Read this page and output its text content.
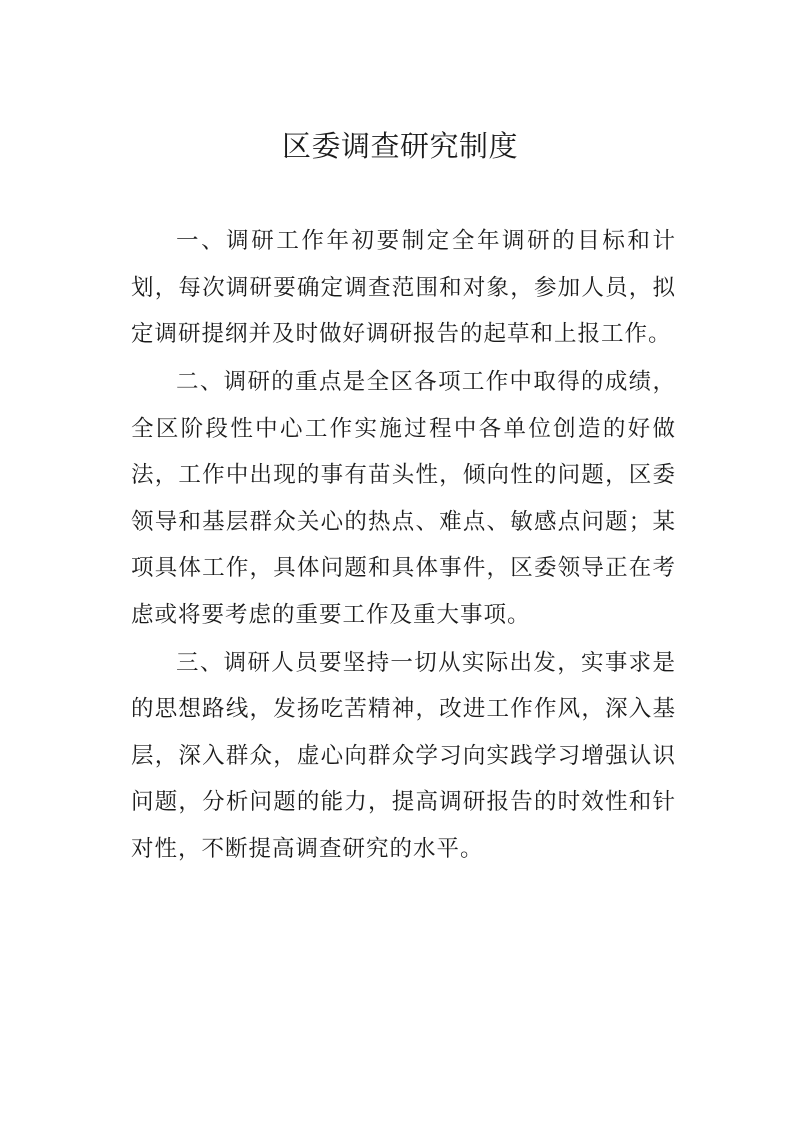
区委调查研究制度

一、调研工作年初要制定全年调研的目标和计划，每次调研要确定调查范围和对象，参加人员，拟定调研提纲并及时做好调研报告的起草和上报工作。

二、调研的重点是全区各项工作中取得的成绩，全区阶段性中心工作实施过程中各单位创造的好做法，工作中出现的事有苗头性，倾向性的问题，区委领导和基层群众关心的热点、难点、敏感点问题；某项具体工作，具体问题和具体事件，区委领导正在考虑或将要考虑的重要工作及重大事项。

三、调研人员要坚持一切从实际出发，实事求是的思想路线，发扬吃苦精神，改进工作作风，深入基层，深入群众，虚心向群众学习向实践学习增强认识问题，分析问题的能力，提高调研报告的时效性和针对性，不断提高调查研究的水平。
